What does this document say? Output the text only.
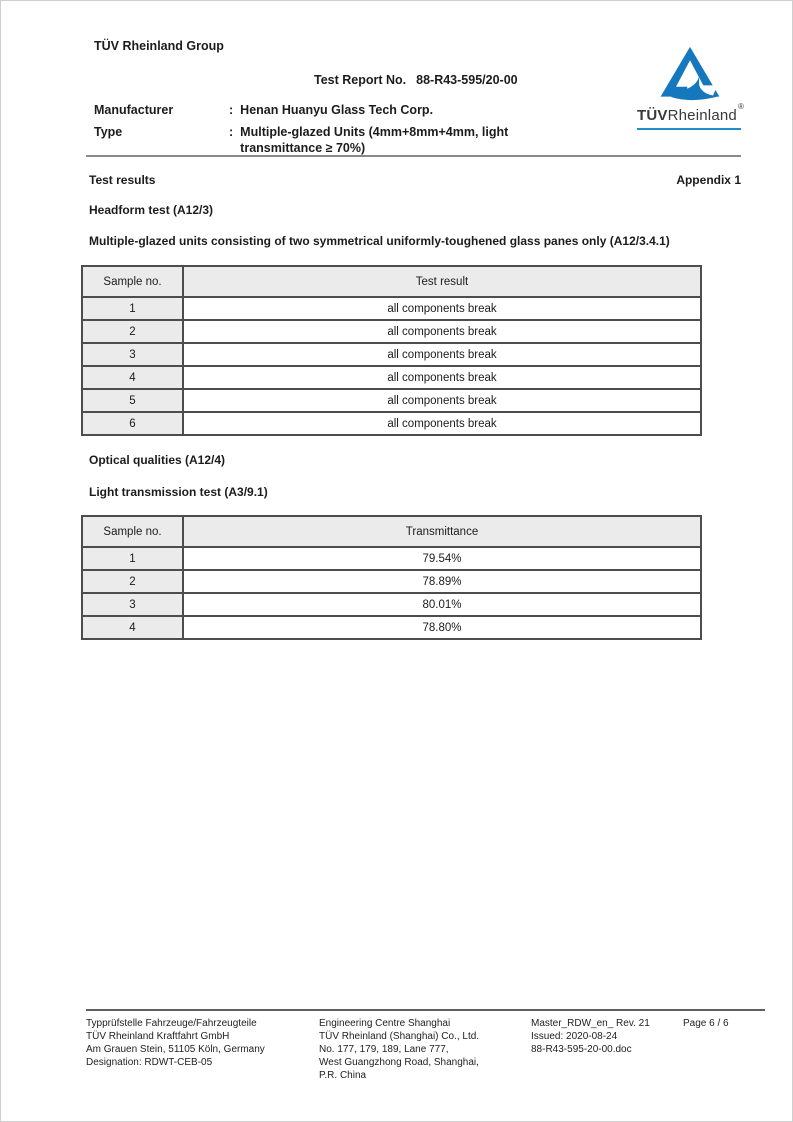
TÜV Rheinland Group
Test Report No. 88-R43-595/20-00
Manufacturer	: Henan Huanyu Glass Tech Corp.
Type	: Multiple-glazed Units (4mm+8mm+4mm, light transmittance ≥ 70%)
TÜVRheinland®
Test results	Appendix 1
Headform test (A12/3)
Multiple-glazed units consisting of two symmetrical uniformly-toughened glass panes only (A12/3.4.1)
Sample no.	Test result
1	all components break
2	all components break
3	all components break
4	all components break
5	all components break
6	all components break
Optical qualities (A12/4)
Light transmission test (A3/9.1)
Sample no.	Transmittance
1	79.54%
2	78.89%
3	80.01%
4	78.80%
Typprüfstelle Fahrzeuge/Fahrzeugteile
TÜV Rheinland Kraftfahrt GmbH
Am Grauen Stein, 51105 Köln, Germany
Designation: RDWT-CEB-05
Engineering Centre Shanghai
TÜV Rheinland (Shanghai) Co., Ltd.
No. 177, 179, 189, Lane 777,
West Guangzhong Road, Shanghai,
P.R. China
Master_RDW_en_ Rev. 21
Issued: 2020-08-24
88-R43-595-20-00.doc
Page 6 / 6
